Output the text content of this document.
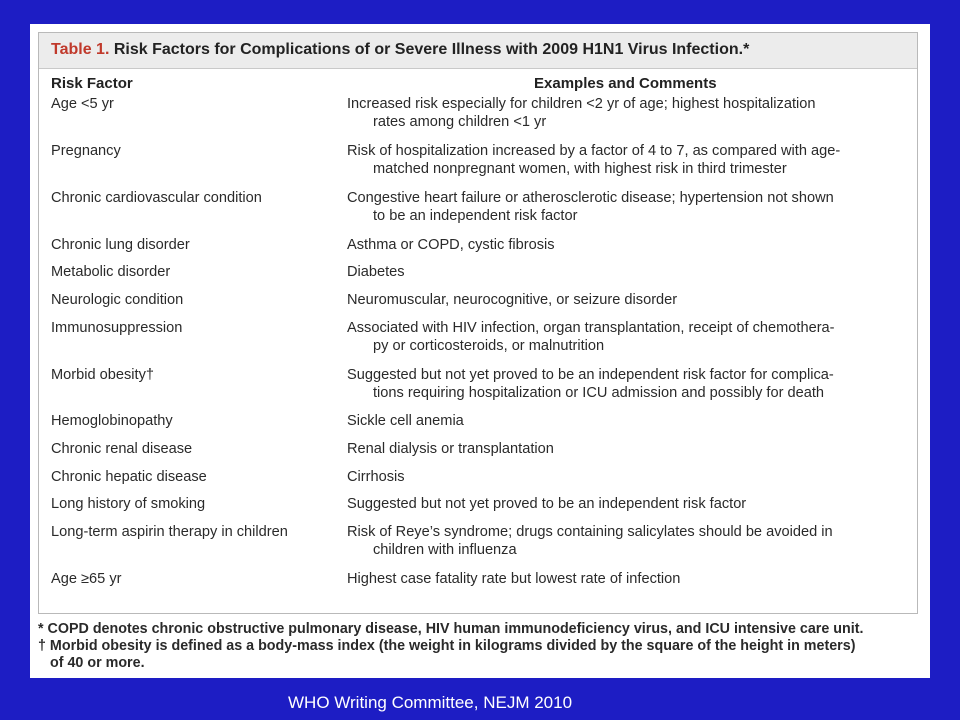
Table 1. Risk Factors for Complications of or Severe Illness with 2009 H1N1 Virus Infection.*
Risk Factor	Examples and Comments
Age <5 yr	Increased risk especially for children <2 yr of age; highest hospitalization
rates among children <1 yr
Pregnancy	Risk of hospitalization increased by a factor of 4 to 7, as compared with age-
matched nonpregnant women, with highest risk in third trimester
Chronic cardiovascular condition	Congestive heart failure or atherosclerotic disease; hypertension not shown
to be an independent risk factor
Chronic lung disorder	Asthma or COPD, cystic fibrosis
Metabolic disorder	Diabetes
Neurologic condition	Neuromuscular, neurocognitive, or seizure disorder
Immunosuppression	Associated with HIV infection, organ transplantation, receipt of chemothera-
py or corticosteroids, or malnutrition
Morbid obesity†	Suggested but not yet proved to be an independent risk factor for complica-
tions requiring hospitalization or ICU admission and possibly for death
Hemoglobinopathy	Sickle cell anemia
Chronic renal disease	Renal dialysis or transplantation
Chronic hepatic disease	Cirrhosis
Long history of smoking	Suggested but not yet proved to be an independent risk factor
Long-term aspirin therapy in children	Risk of Reye’s syndrome; drugs containing salicylates should be avoided in
children with influenza
Age ≥65 yr	Highest case fatality rate but lowest rate of infection
* COPD denotes chronic obstructive pulmonary disease, HIV human immunodeficiency virus, and ICU intensive care unit.
† Morbid obesity is defined as a body-mass index (the weight in kilograms divided by the square of the height in meters)
of 40 or more.
WHO Writing Committee, NEJM 2010
